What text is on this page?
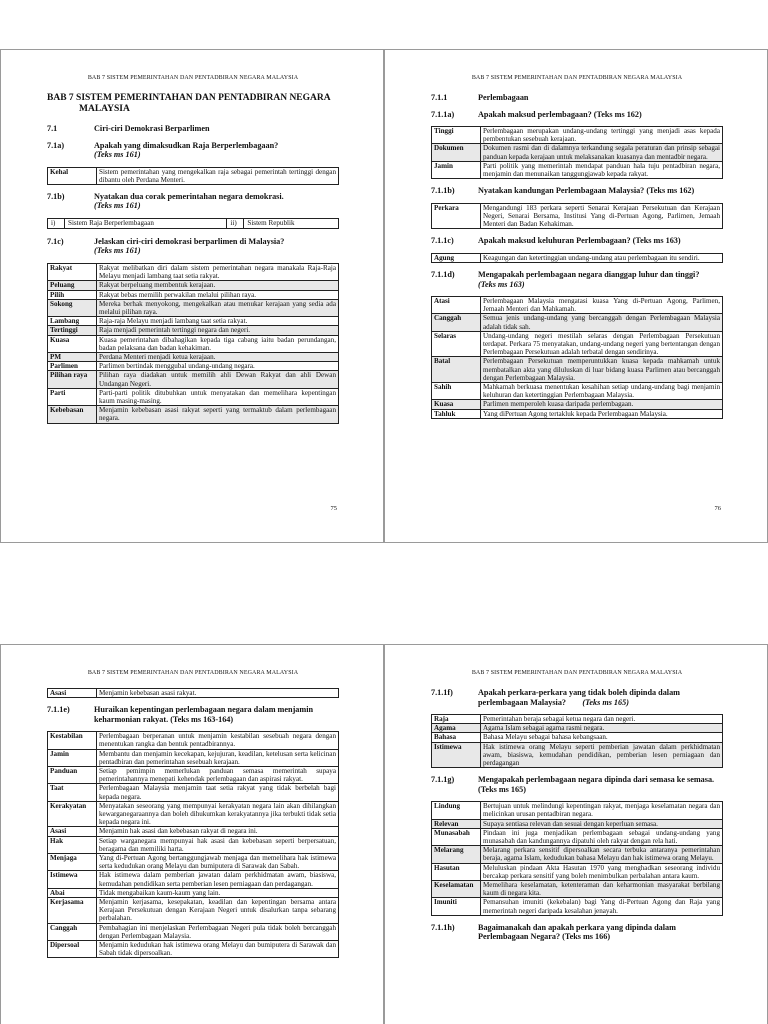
BAB 7 SISTEM PEMERINTAHAN DAN PENTADBIRAN NEGARA MALAYSIA
BAB 7 SISTEM PEMERINTAHAN DAN PENTADBIRAN NEGARA
MALAYSIA
7.1	Ciri-ciri Demokrasi Berparlimen
7.1a)	Apakah yang dimaksudkan Raja Berperlembagaan?
(Teks ms 161)
Kehal	Sistem pemerintahan yang mengekalkan raja sebagai pemerintah tertinggi dengan dibantu oleh Perdana Menteri.
7.1b)	Nyatakan dua corak pemerintahan negara demokrasi.
(Teks ms 161)
i)	Sistem Raja Berperlembagaan	ii)	Sistem Republik
7.1c)	Jelaskan ciri-ciri demokrasi berparlimen di Malaysia?
(Teks ms 161)
Rakyat	Rakyat melibatkan diri dalam sistem pemerintahan negara manakala Raja-Raja Melayu menjadi lambang taat setia rakyat.
Peluang	Rakyat berpeluang membentuk kerajaan.
Pilih	Rakyat bebas memilih perwakilan melalui pilihan raya.
Sokong	Mereka berhak menyokong, mengekalkan atau menukar kerajaan yang sedia ada melalui pilihan raya.
Lambang	Raja-raja Melayu menjadi lambang taat setia rakyat.
Tertinggi	Raja menjadi pemerintah tertinggi negara dan negeri.
Kuasa	Kuasa pemerintahan dibahagikan kepada tiga cabang iaitu badan perundangan, badan pelaksana dan badan kehakiman.
PM	Perdana Menteri menjadi ketua kerajaan.
Parlimen	Parlimen bertindak menggubal undang-undang negara.
Pilihan raya	Pilihan raya diadakan untuk memilih ahli Dewan Rakyat dan ahli Dewan Undangan Negeri.
Parti	Parti-parti politik ditubuhkan untuk menyatakan dan memelihara kepentingan kaum masing-masing.
Kebebasan	Menjamin kebebasan asasi rakyat seperti yang termaktub dalam perlembagaan negara.
75
BAB 7 SISTEM PEMERINTAHAN DAN PENTADBIRAN NEGARA MALAYSIA
7.1.1	Perlembagaan
7.1.1a)	Apakah maksud perlembagaan? (Teks ms 162)
Tinggi	Perlembagaan merupakan undang-undang tertinggi yang menjadi asas kepada pembentukan sesebuah kerajaan.
Dokumen	Dokumen rasmi dan di dalamnya terkandung segala peraturan dan prinsip sebagai panduan kepada kerajaan untuk melaksanakan kuasanya dan mentadbir negara.
Jamin	Parti politik yang memerintah mendapat panduan hala tuju pentadbiran negara, menjamin dan menunaikan tanggungjawab kepada rakyat.
7.1.1b)	Nyatakan kandungan Perlembagaan Malaysia? (Teks ms 162)
Perkara	Mengandungi 183 perkara seperti Senarai Kerajaan Persekutuan dan Kerajaan Negeri, Senarai Bersama, Institusi Yang di-Pertuan Agong, Parlimen, Jemaah Menteri dan Badan Kehakiman.
7.1.1c)	Apakah maksud keluhuran Perlembagaan? (Teks ms 163)
Agung	Keagungan dan ketertinggian undang-undang atau perlembagaan itu sendiri.
7.1.1d)	Mengapakah perlembagaan negara dianggap luhur dan tinggi?
(Teks ms 163)
Atasi	Perlembagaan Malaysia mengatasi kuasa Yang di-Pertuan Agong, Parlimen, Jemaah Menteri dan Mahkamah.
Canggah	Semua jenis undang-undang yang bercanggah dengan Perlembagaan Malaysia adalah tidak sah.
Selaras	Undang-undang negeri mestilah selaras dengan Perlembagaan Persekutuan terdapat. Perkara 75 menyatakan, undang-undang negeri yang bertentangan dengan Perlembagaan Persekutuan adalah terbatal dengan sendirinya.
Batal	Perlembagaan Persekutuan memperuntukkan kuasa kepada mahkamah untuk membatalkan akta yang diluluskan di luar bidang kuasa Parlimen atau bercanggah dengan Perlembagaan Malaysia.
Sahih	Mahkamah berkuasa menentukan kesahihan setiap undang-undang bagi menjamin keluhuran dan ketertinggian Perlembagaan Malaysia.
Kuasa	Parlimen memperoleh kuasa daripada perlembagaan.
Tahluk	Yang diPertuan Agong tertakluk kepada Perlembagaan Malaysia.
76
BAB 7 SISTEM PEMERINTAHAN DAN PENTADBIRAN NEGARA MALAYSIA
Asasi	Menjamin kebebasan asasi rakyat.
7.1.1e)	Huraikan kepentingan perlembagaan negara dalam menjamin keharmonian rakyat. (Teks ms 163-164)
Kestabilan	Perlembagaan berperanan untuk menjamin kestabilan sesebuah negara dengan menentukan rangka dan bentuk pentadbirannya.
Jamin	Membantu dan menjamin kecekapan, kejujuran, keadilan, ketelusan serta kelicinan pentadbiran dan pemerintahan sesebuah kerajaan.
Panduan	Setiap pemimpin memerlukan panduan semasa memerintah supaya pemerintahannya menepati kehendak perlembagaan dan aspirasi rakyat.
Taat	Perlembagaan Malaysia menjamin taat setia rakyat yang tidak berbelah bagi kepada negara.
Kerakyatan	Menyatakan seseorang yang mempunyai kerakyatan negara lain akan dihilangkan kewarganegaraannya dan boleh dihukumkan kerakyatannya jika terbukti tidak setia kepada negara ini.
Asasi	Menjamin hak asasi dan kebebasan rakyat di negara ini.
Hak	Setiap warganegara mempunyai hak asasi dan kebebasan seperti berpersatuan, beragama dan memiliki harta.
Menjaga	Yang di-Pertuan Agong bertanggungjawab menjaga dan memelihara hak istimewa serta kedudukan orang Melayu dan bumiputera di Sarawak dan Sabah.
Istimewa	Hak istimewa dalam pemberian jawatan dalam perkhidmatan awam, biasiswa, kemudahan pendidikan serta pemberian lesen perniagaan dan perdagangan.
Abai	Tidak mengabaikan kaum-kaum yang lain.
Kerjasama	Menjamin kerjasama, kesepakatan, keadilan dan kepentingan bersama antara Kerajaan Persekutuan dengan Kerajaan Negeri untuk disalurkan tanpa sebarang perbalahan.
Canggah	Pembahagian ini menjelaskan Perlembagaan Negeri pula tidak boleh bercanggah dengan Perlembagaan Malaysia.
Dipersoal	Menjamin kedudukan hak istimewa orang Melayu dan bumiputera di Sarawak dan Sabah tidak dipersoalkan.
BAB 7 SISTEM PEMERINTAHAN DAN PENTADBIRAN NEGARA MALAYSIA
7.1.1f)	Apakah perkara-perkara yang tidak boleh dipinda dalam perlembagaan Malaysia? (Teks ms 165)
Raja	Pemerintahan beraja sebagai ketua negara dan negeri.
Agama	Agama Islam sebagai agama rasmi negara.
Bahasa	Bahasa Melayu sebagai bahasa kebangsaan.
Istimewa	Hak istimewa orang Melayu seperti pemberian jawatan dalam perkhidmatan awam, biasiswa, kemudahan pendidikan, pemberian lesen perniagaan dan perdagangan
7.1.1g)	Mengapakah perlembagaan negara dipinda dari semasa ke semasa. (Teks ms 165)
Lindung	Bertujuan untuk melindungi kepentingan rakyat, menjaga keselamatan negara dan melicinkan urusan pentadbiran negara.
Relevan	Supaya sentiasa relevan dan sesuai dengan keperluan semasa.
Munasabah	Pindaan ini juga menjadikan perlembagaan sebagai undang-undang yang munasabah dan kandungannya dipatuhi oleh rakyat dengan rela hati.
Melarang	Melarang perkara sensitif dipersoalkan secara terbuka antaranya pemerintahan beraja, agama Islam, kedudukan bahasa Melayu dan hak istimewa orang Melayu.
Hasutan	Meluluskan pindaan Akta Hasutan 1970 yang menghadkan seseorang individu bercakap perkara sensitif yang boleh menimbulkan perbalahan antara kaum.
Keselamatan	Memelihara keselamatan, ketenteraman dan keharmonian masyarakat berbilang kaum di negara kita.
Imuniti	Pemansuhan imuniti (kekebalan) bagi Yang di-Pertuan Agong dan Raja yang memerintah negeri daripada kesalahan jenayah.
7.1.1h)	Bagaimanakah dan apakah perkara yang dipinda dalam Perlembagaan Negara? (Teks ms 166)
